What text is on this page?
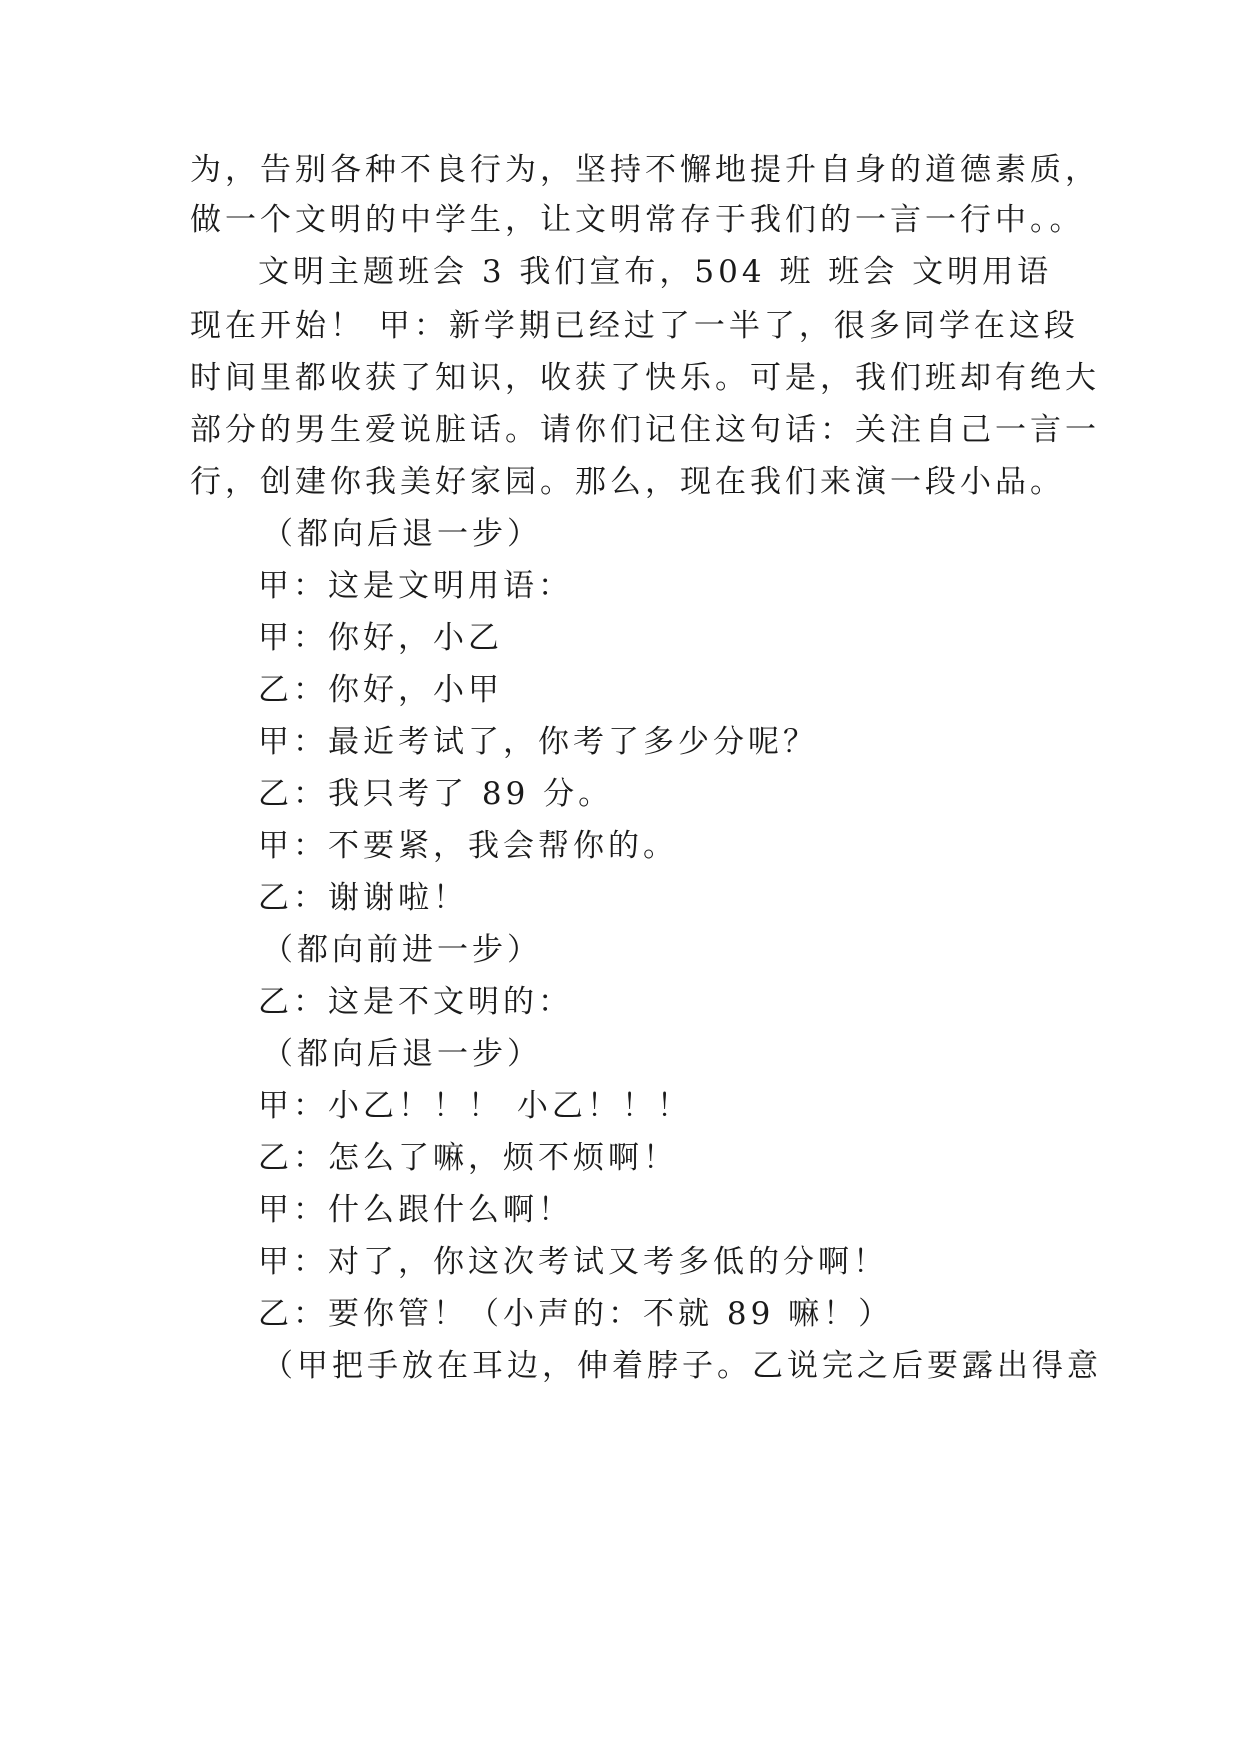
为，告别各种不良行为，坚持不懈地提升自身的道德素质，
做一个文明的中学生，让文明常存于我们的一言一行中。。
文明主题班会 3 我们宣布，504 班 班会 文明用语
现在开始！ 甲：新学期已经过了一半了，很多同学在这段
时间里都收获了知识，收获了快乐。可是，我们班却有绝大
部分的男生爱说脏话。请你们记住这句话：关注自己一言一
行，创建你我美好家园。那么，现在我们来演一段小品。
（都向后退一步）
甲：这是文明用语：
甲：你好，小乙
乙：你好，小甲
甲：最近考试了，你考了多少分呢？
乙：我只考了 89 分。
甲：不要紧，我会帮你的。
乙：谢谢啦！
（都向前进一步）
乙：这是不文明的：
（都向后退一步）
甲：小乙！！！ 小乙！！！
乙：怎么了嘛，烦不烦啊！
甲：什么跟什么啊！
甲：对了，你这次考试又考多低的分啊！
乙：要你管！（小声的：不就 89 嘛！）
（甲把手放在耳边，伸着脖子。乙说完之后要露出得意
